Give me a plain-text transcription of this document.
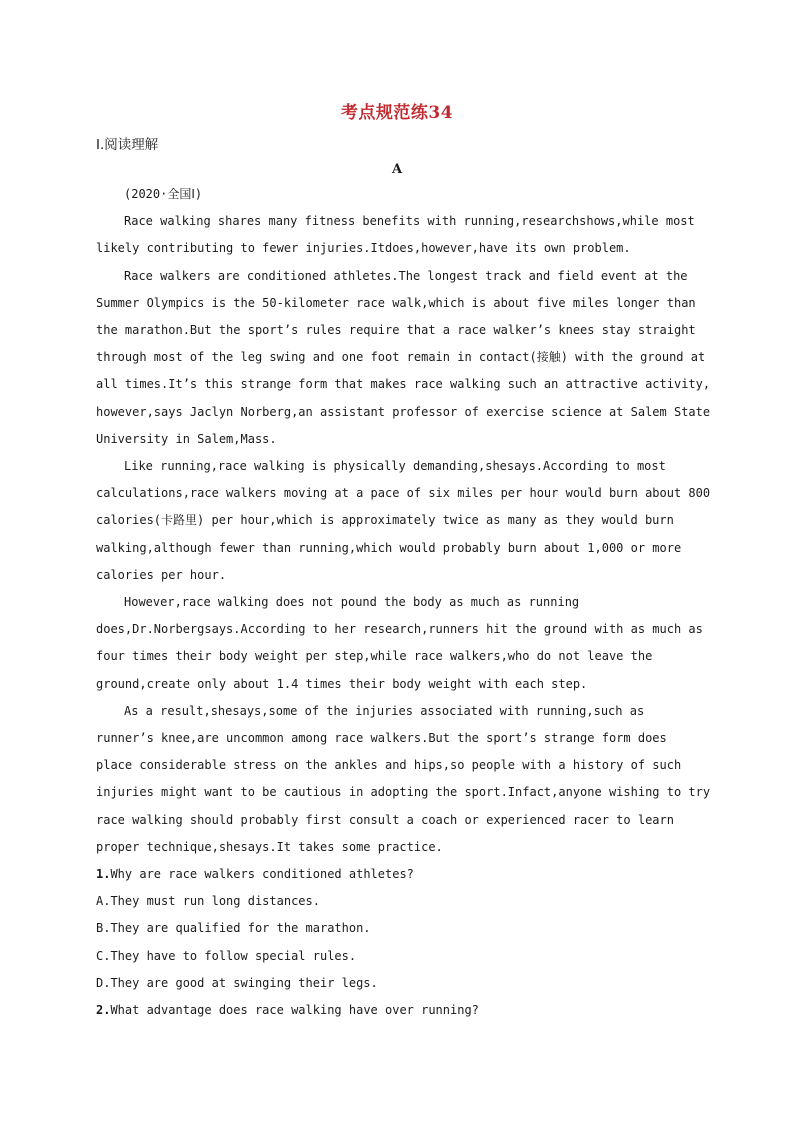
考点规范练34
Ⅰ.阅读理解
A

(2020·全国Ⅰ)

Race walking shares many fitness benefits with running,researchshows,while most

likely contributing to fewer injuries.Itdoes,however,have its own problem.

Race walkers are conditioned athletes.The longest track and field event at the

Summer Olympics is the 50-kilometer race walk,which is about five miles longer than

the marathon.But the sport’s rules require that a race walker’s knees stay straight

through most of the leg swing and one foot remain in contact(接触) with the ground at

all times.It’s this strange form that makes race walking such an attractive activity,

however,says Jaclyn Norberg,an assistant professor of exercise science at Salem State

University in Salem,Mass.

Like running,race walking is physically demanding,shesays.According to most

calculations,race walkers moving at a pace of six miles per hour would burn about 800

calories(卡路里) per hour,which is approximately twice as many as they would burn

walking,although fewer than running,which would probably burn about 1,000 or more

calories per hour.

However,race walking does not pound the body as much as running

does,Dr.Norbergsays.According to her research,runners hit the ground with as much as

four times their body weight per step,while race walkers,who do not leave the

ground,create only about 1.4 times their body weight with each step.

As a result,shesays,some of the injuries associated with running,such as

runner’s knee,are uncommon among race walkers.But the sport’s strange form does

place considerable stress on the ankles and hips,so people with a history of such

injuries might want to be cautious in adopting the sport.Infact,anyone wishing to try

race walking should probably first consult a coach or experienced racer to learn

proper technique,shesays.It takes some practice.

1.Why are race walkers conditioned athletes?

A.They must run long distances.

B.They are qualified for the marathon.

C.They have to follow special rules.

D.They are good at swinging their legs.

2.What advantage does race walking have over running?
